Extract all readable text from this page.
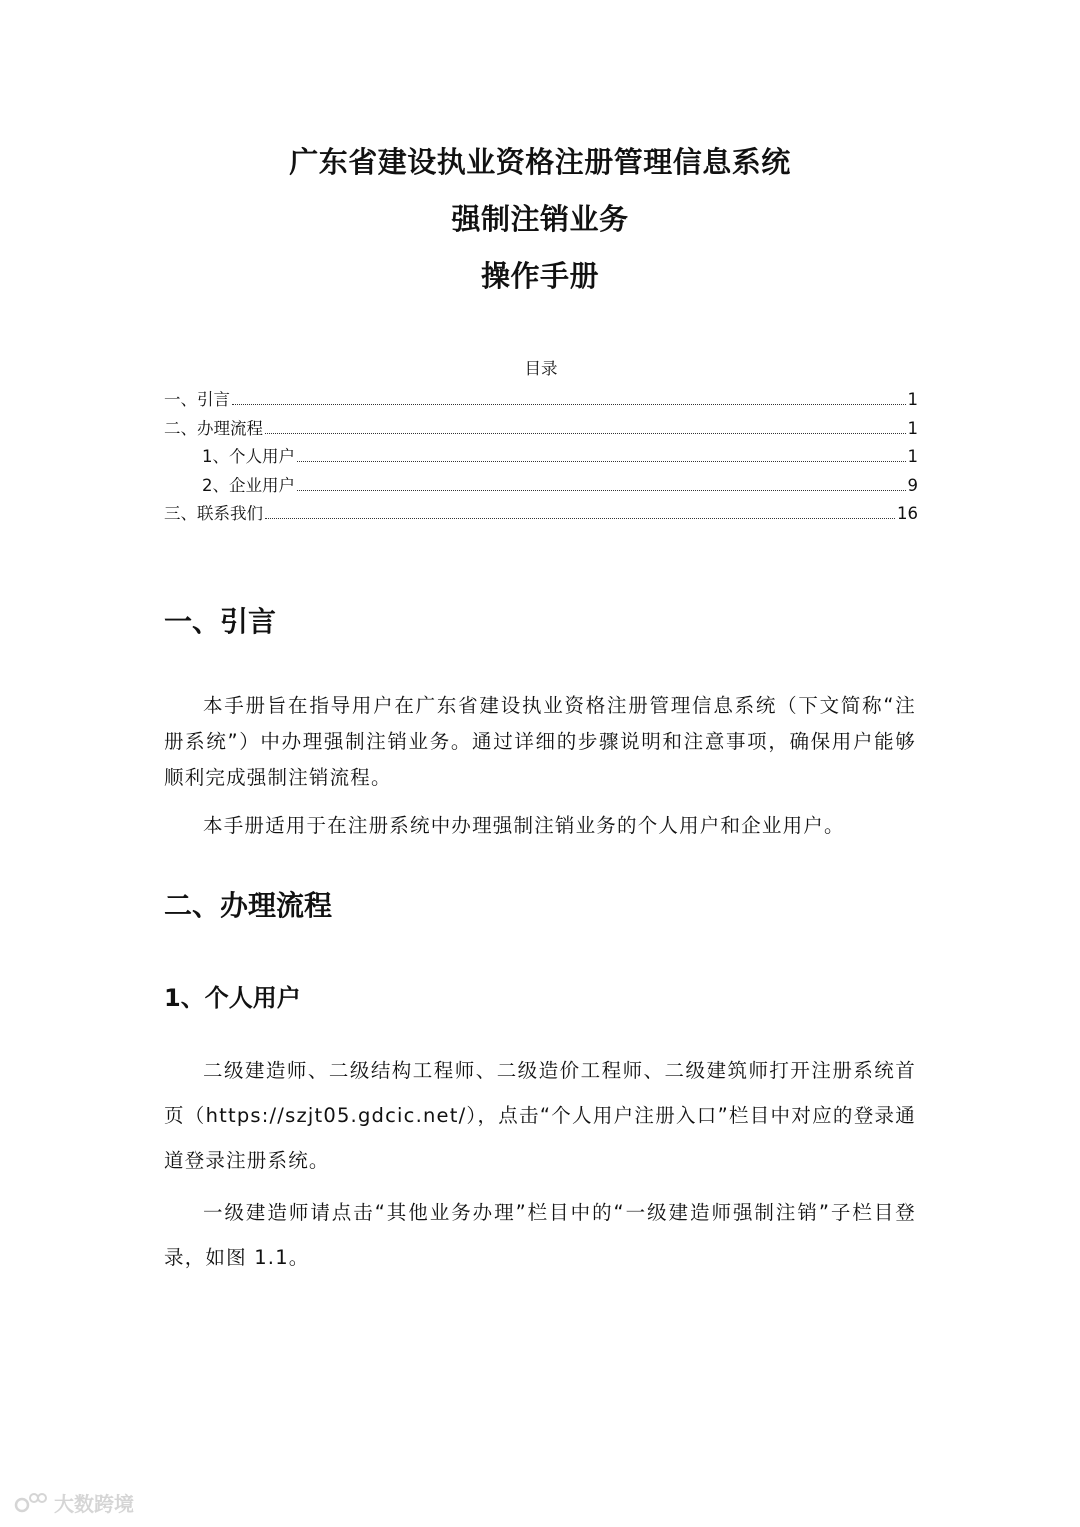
广东省建设执业资格注册管理信息系统
强制注销业务
操作手册
目录
一、引言	1
二、办理流程	1
1、个人用户	1
2、企业用户	9
三、联系我们	16
一、引言

本手册旨在指导用户在广东省建设执业资格注册管理信息系统（下文简称“注册系统”）中办理强制注销业务。通过详细的步骤说明和注意事项，确保用户能够顺利完成强制注销流程。

本手册适用于在注册系统中办理强制注销业务的个人用户和企业用户。

二、办理流程
1、个人用户

二级建造师、二级结构工程师、二级造价工程师、二级建筑师打开注册系统首页（https://szjt05.gdcic.net/），点击“个人用户注册入口”栏目中对应的登录通道登录注册系统。

一级建造师请点击“其他业务办理”栏目中的“一级建造师强制注销”子栏目登录，如图 1.1。

大数跨境
